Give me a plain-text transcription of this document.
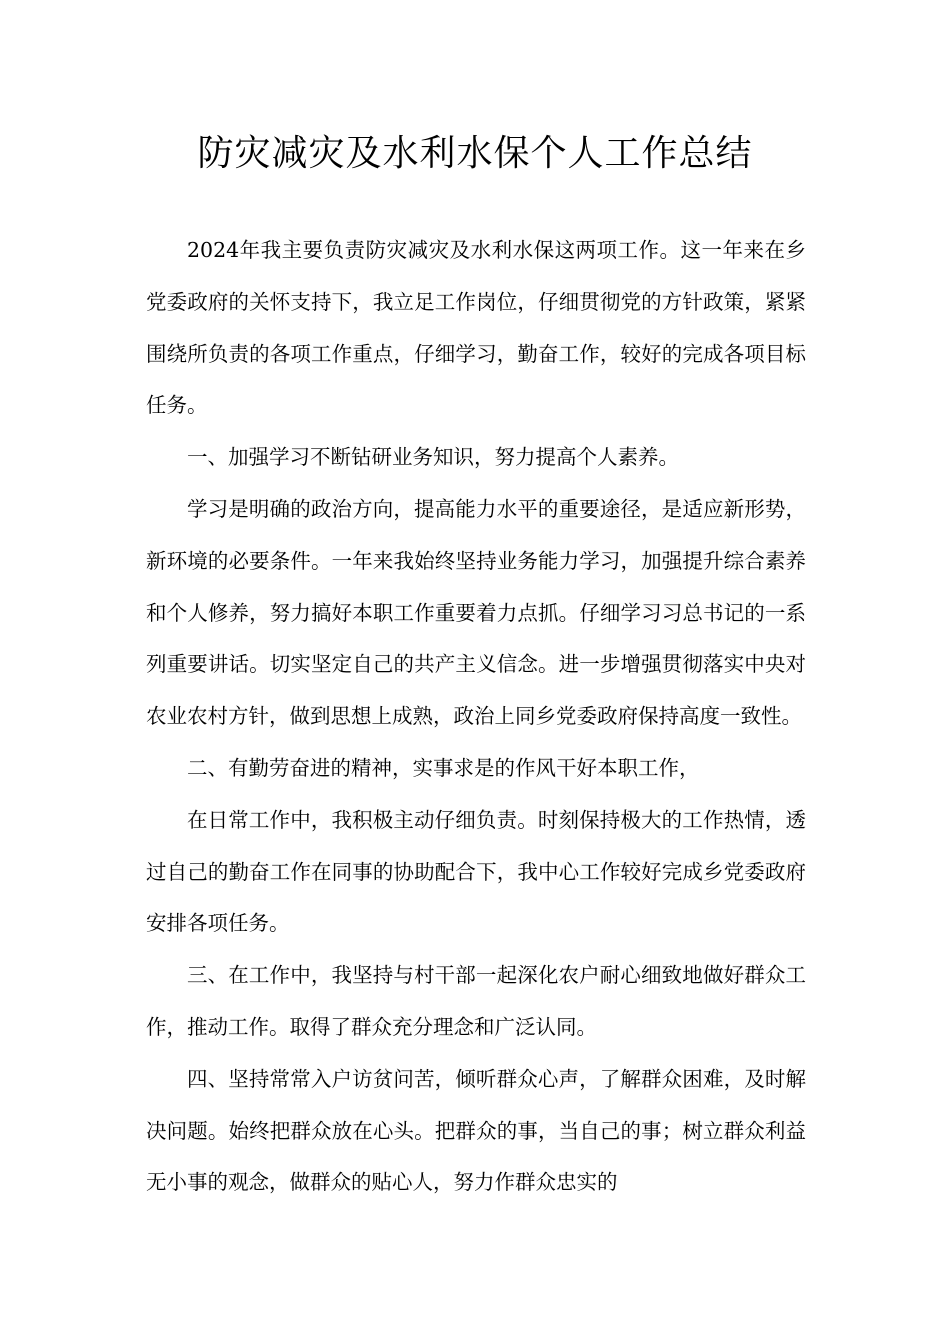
防灾减灾及水利水保个人工作总结

2024年我主要负责防灾减灾及水利水保这两项工作。这一年来在乡党委政府的关怀支持下，我立足工作岗位，仔细贯彻党的方针政策，紧紧围绕所负责的各项工作重点，仔细学习，勤奋工作，较好的完成各项目标任务。

一、加强学习不断钻研业务知识，努力提高个人素养。

学习是明确的政治方向，提高能力水平的重要途径，是适应新形势，新环境的必要条件。一年来我始终坚持业务能力学习，加强提升综合素养和个人修养，努力搞好本职工作重要着力点抓。仔细学习习总书记的一系列重要讲话。切实坚定自己的共产主义信念。进一步增强贯彻落实中央对农业农村方针，做到思想上成熟，政治上同乡党委政府保持高度一致性。

二、有勤劳奋进的精神，实事求是的作风干好本职工作，

在日常工作中，我积极主动仔细负责。时刻保持极大的工作热情，透过自己的勤奋工作在同事的协助配合下，我中心工作较好完成乡党委政府安排各项任务。

三、在工作中，我坚持与村干部一起深化农户耐心细致地做好群众工作，推动工作。取得了群众充分理念和广泛认同。

四、坚持常常入户访贫问苦，倾听群众心声，了解群众困难，及时解决问题。始终把群众放在心头。把群众的事，当自己的事；树立群众利益无小事的观念，做群众的贴心人，努力作群众忠实的
